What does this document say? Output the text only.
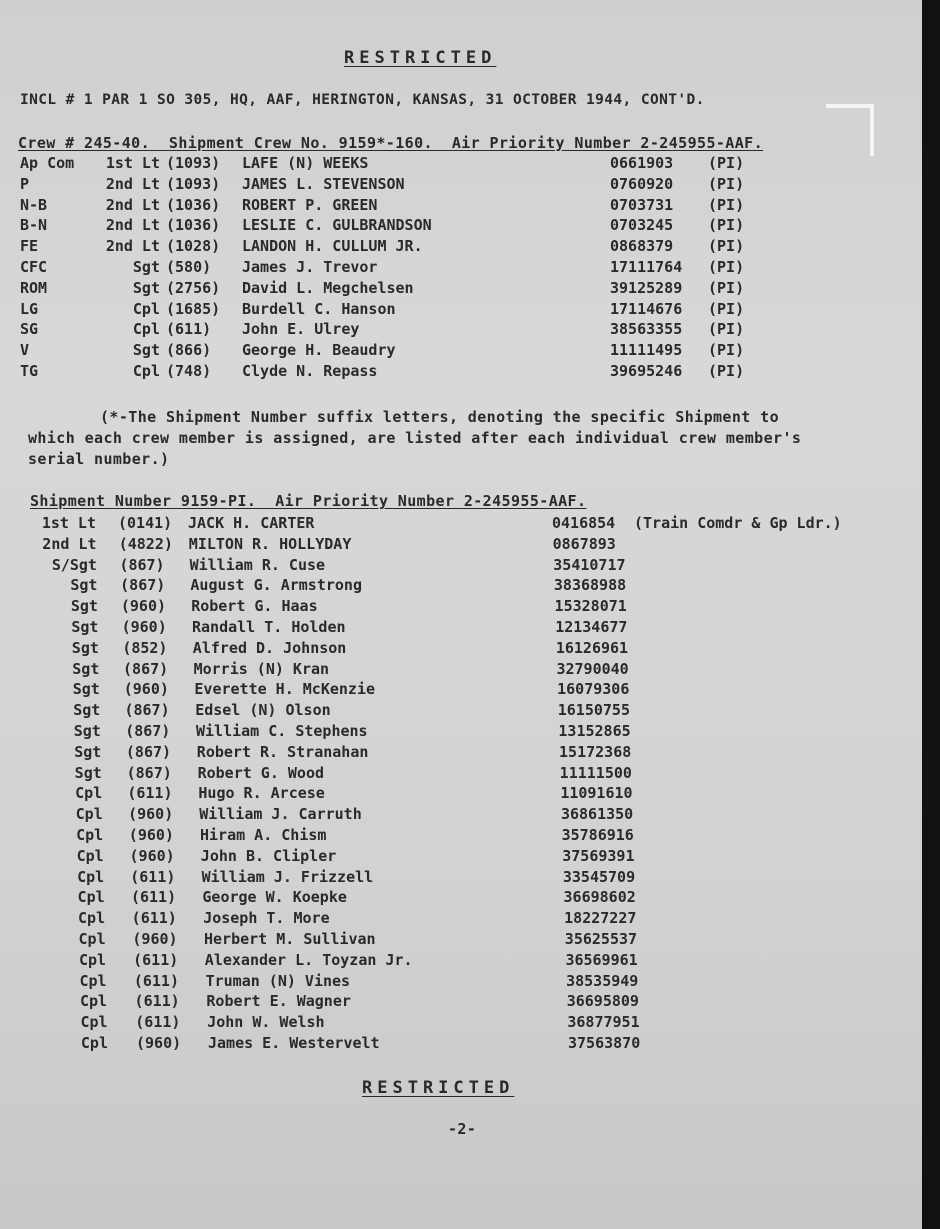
RESTRICTED
INCL # 1 PAR 1 SO 305, HQ, AAF, HERINGTON, KANSAS, 31 OCTOBER 1944, CONT'D.
Crew # 245-40.  Shipment Crew No. 9159*-160.  Air Priority Number 2-245955-AAF.
Ap Com 1st Lt (1093) LAFE (N) WEEKS	0661903 (PI)
P	2nd Lt (1093) JAMES L. STEVENSON	0760920 (PI)
N-B	2nd Lt (1036) ROBERT P. GREEN	0703731 (PI)
B-N	2nd Lt (1036) LESLIE C. GULBRANDSON	0703245 (PI)
FE	2nd Lt (1028) LANDON H. CULLUM JR.	0868379 (PI)
CFC	Sgt (580) James J. Trevor	17111764 (PI)
ROM	Sgt (2756) David L. Megchelsen	39125289 (PI)
LG	Cpl (1685) Burdell C. Hanson	17114676 (PI)
SG	Cpl (611) John E. Ulrey	38563355 (PI)
V	Sgt (866) George H. Beaudry	11111495 (PI)
TG	Cpl (748) Clyde N. Repass	39695246 (PI)
(*-The Shipment Number suffix letters, denoting the specific Shipment to
which each crew member is assigned, are listed after each individual crew member's
serial number.)
Shipment Number 9159-PI.  Air Priority Number 2-245955-AAF.
1st Lt (0141) JACK H. CARTER	0416854 (Train Comdr & Gp Ldr.)
2nd Lt (4822) MILTON R. HOLLYDAY	0867893
S/Sgt (867) William R. Cuse	35410717
Sgt (867) August G. Armstrong	38368988
Sgt (960) Robert G. Haas	15328071
Sgt (960) Randall T. Holden	12134677
Sgt (852) Alfred D. Johnson	16126961
Sgt (867) Morris (N) Kran	32790040
Sgt (960) Everette H. McKenzie	16079306
Sgt (867) Edsel (N) Olson	16150755
Sgt (867) William C. Stephens	13152865
Sgt (867) Robert R. Stranahan	15172368
Sgt (867) Robert G. Wood	11111500
Cpl (611) Hugo R. Arcese	11091610
Cpl (960) William J. Carruth	36861350
Cpl (960) Hiram A. Chism	35786916
Cpl (960) John B. Clipler	37569391
Cpl (611) William J. Frizzell	33545709
Cpl (611) George W. Koepke	36698602
Cpl (611) Joseph T. More	18227227
Cpl (960) Herbert M. Sullivan	35625537
Cpl (611) Alexander L. Toyzan Jr.	36569961
Cpl (611) Truman (N) Vines	38535949
Cpl (611) Robert E. Wagner	36695809
Cpl (611) John W. Welsh	36877951
Cpl (960) James E. Westervelt	37563870
RESTRICTED
-2-
